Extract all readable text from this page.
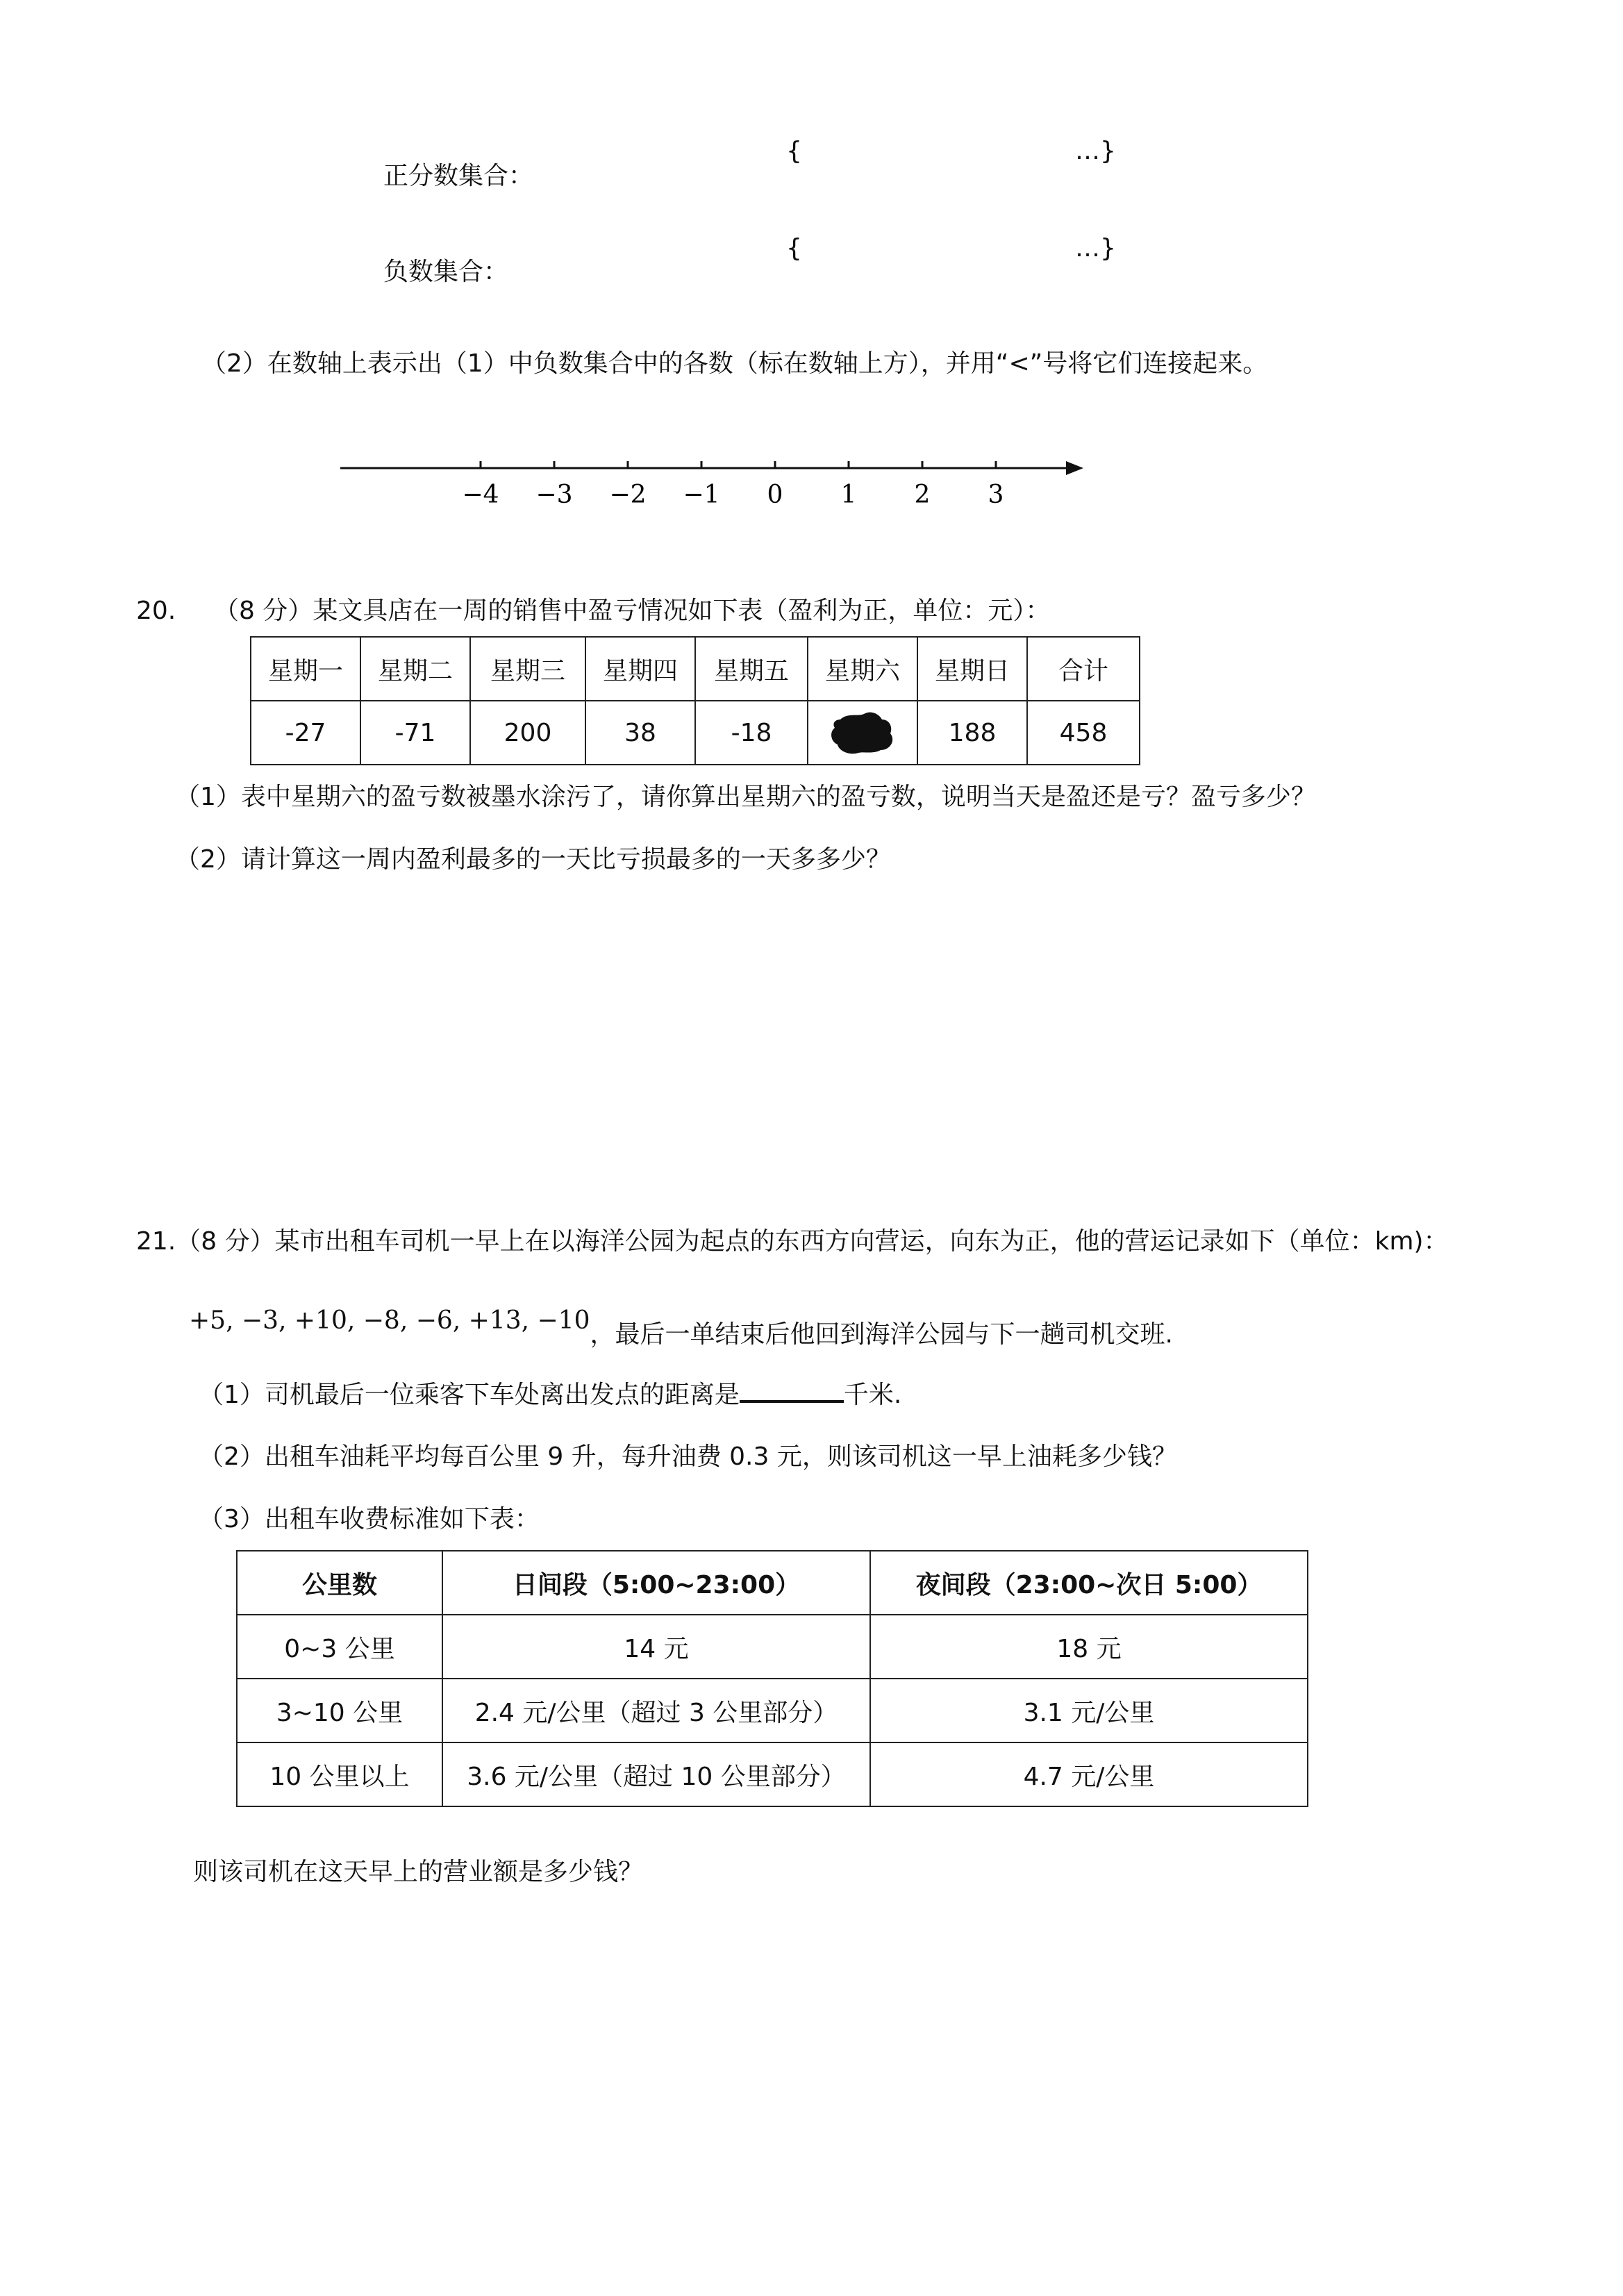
{	…}
正分数集合：
{	…}
负数集合：
（2）在数轴上表示出（1）中负数集合中的各数（标在数轴上方），并用“<”号将它们连接起来。
−4 −3 −2 −1 0 1 2 3
20. （8 分）某文具店在一周的销售中盈亏情况如下表（盈利为正，单位：元）：
星期一	星期二	星期三	星期四	星期五	星期六	星期日	合计
-27	-71	200	38	-18		188	458
（1）表中星期六的盈亏数被墨水涂污了，请你算出星期六的盈亏数，说明当天是盈还是亏？盈亏多少？
（2）请计算这一周内盈利最多的一天比亏损最多的一天多多少？
21.（8 分）某市出租车司机一早上在以海洋公园为起点的东西方向营运，向东为正，他的营运记录如下（单位：km)：
+5, −3, +10, −8, −6, +13, −10，最后一单结束后他回到海洋公园与下一趟司机交班.
（1）司机最后一位乘客下车处离出发点的距离是	千米.
（2）出租车油耗平均每百公里 9 升，每升油费 0.3 元，则该司机这一早上油耗多少钱？
（3）出租车收费标准如下表：
公里数	日间段（5:00~23:00）	夜间段（23:00~次日 5:00）
0~3 公里	14 元	18 元
3~10 公里	2.4 元/公里（超过 3 公里部分）	3.1 元/公里
10 公里以上	3.6 元/公里（超过 10 公里部分）	4.7 元/公里
则该司机在这天早上的营业额是多少钱？
